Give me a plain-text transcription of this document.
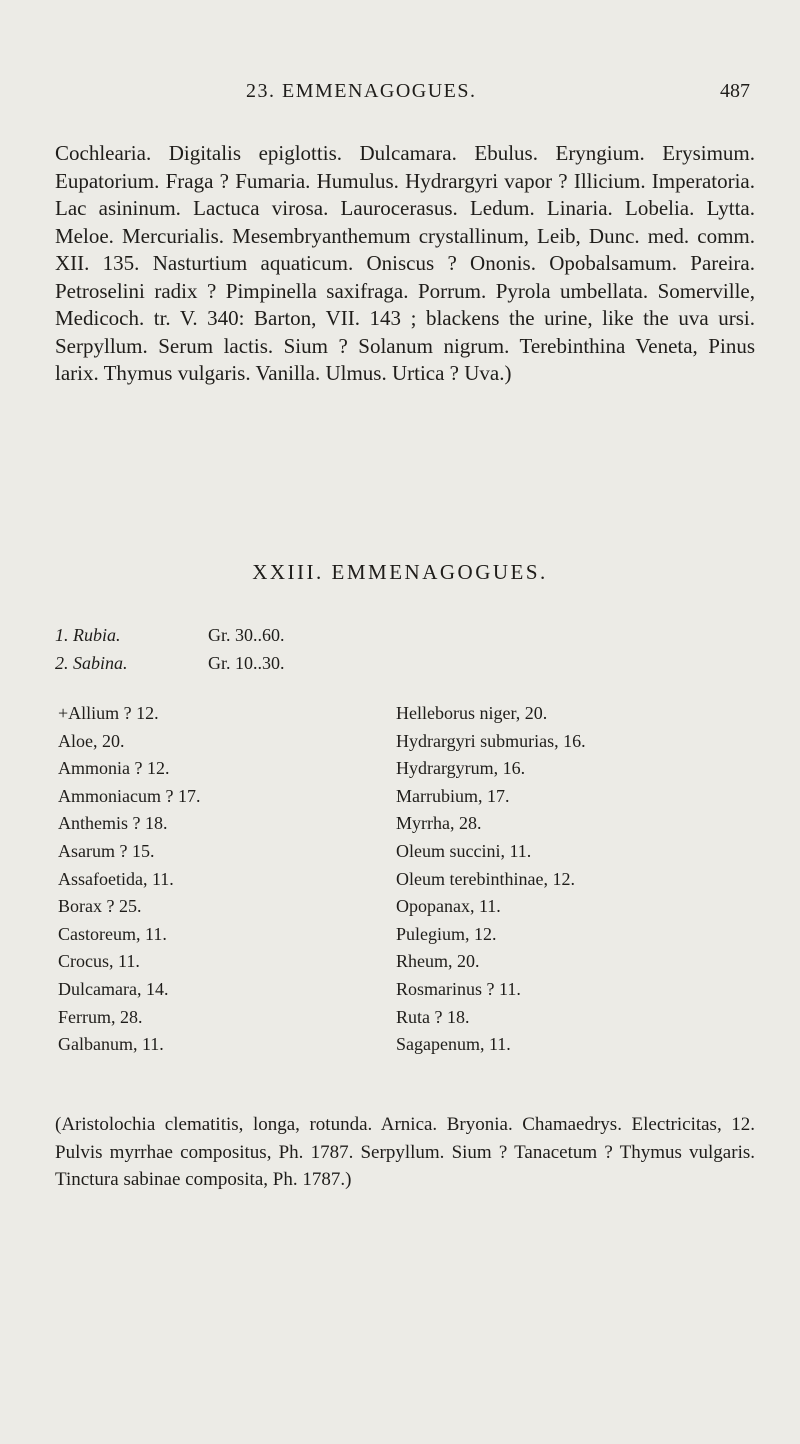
23. EMMENAGOGUES.	487

Cochlearia. Digitalis epiglottis. Dulcamara. Ebulus. Eryngium. Erysimum. Eupatorium. Fraga ? Fumaria. Humulus. Hydrargyri vapor ? Illicium. Imperatoria. Lac asininum. Lactuca virosa. Laurocerasus. Ledum. Linaria. Lobelia. Lytta. Meloe. Mercurialis. Mesembryanthemum crystallinum, Leib, Dunc. med. comm. XII. 135. Nasturtium aquaticum. Oniscus ? Ononis. Opobalsamum. Pareira. Petroselini radix ? Pimpinella saxifraga. Porrum. Pyrola umbellata. Somerville, Medicoch. tr. V. 340: Barton, VII. 143 ; blackens the urine, like the uva ursi. Serpyllum. Serum lactis. Sium ? Solanum nigrum. Terebinthina Veneta, Pinus larix. Thymus vulgaris. Vanilla. Ulmus. Urtica ? Uva.)

XXIII. EMMENAGOGUES.
1. Rubia.	Gr. 30..60.
2. Sabina.	Gr. 10..30.
+Allium ? 12.
Aloe, 20.
Ammonia ? 12.
Ammoniacum ? 17.
Anthemis ? 18.
Asarum ? 15.
Assafoetida, 11.
Borax ? 25.
Castoreum, 11.
Crocus, 11.
Dulcamara, 14.
Ferrum, 28.
Galbanum, 11.
Helleborus niger, 20.
Hydrargyri submurias, 16.
Hydrargyrum, 16.
Marrubium, 17.
Myrrha, 28.
Oleum succini, 11.
Oleum terebinthinae, 12.
Opopanax, 11.
Pulegium, 12.
Rheum, 20.
Rosmarinus ? 11.
Ruta ? 18.
Sagapenum, 11.

(Aristolochia clematitis, longa, rotunda. Arnica. Bryonia. Chamaedrys. Electricitas, 12. Pulvis myrrhae compositus, Ph. 1787. Serpyllum. Sium ? Tanacetum ? Thymus vulgaris. Tinctura sabinae composita, Ph. 1787.)
